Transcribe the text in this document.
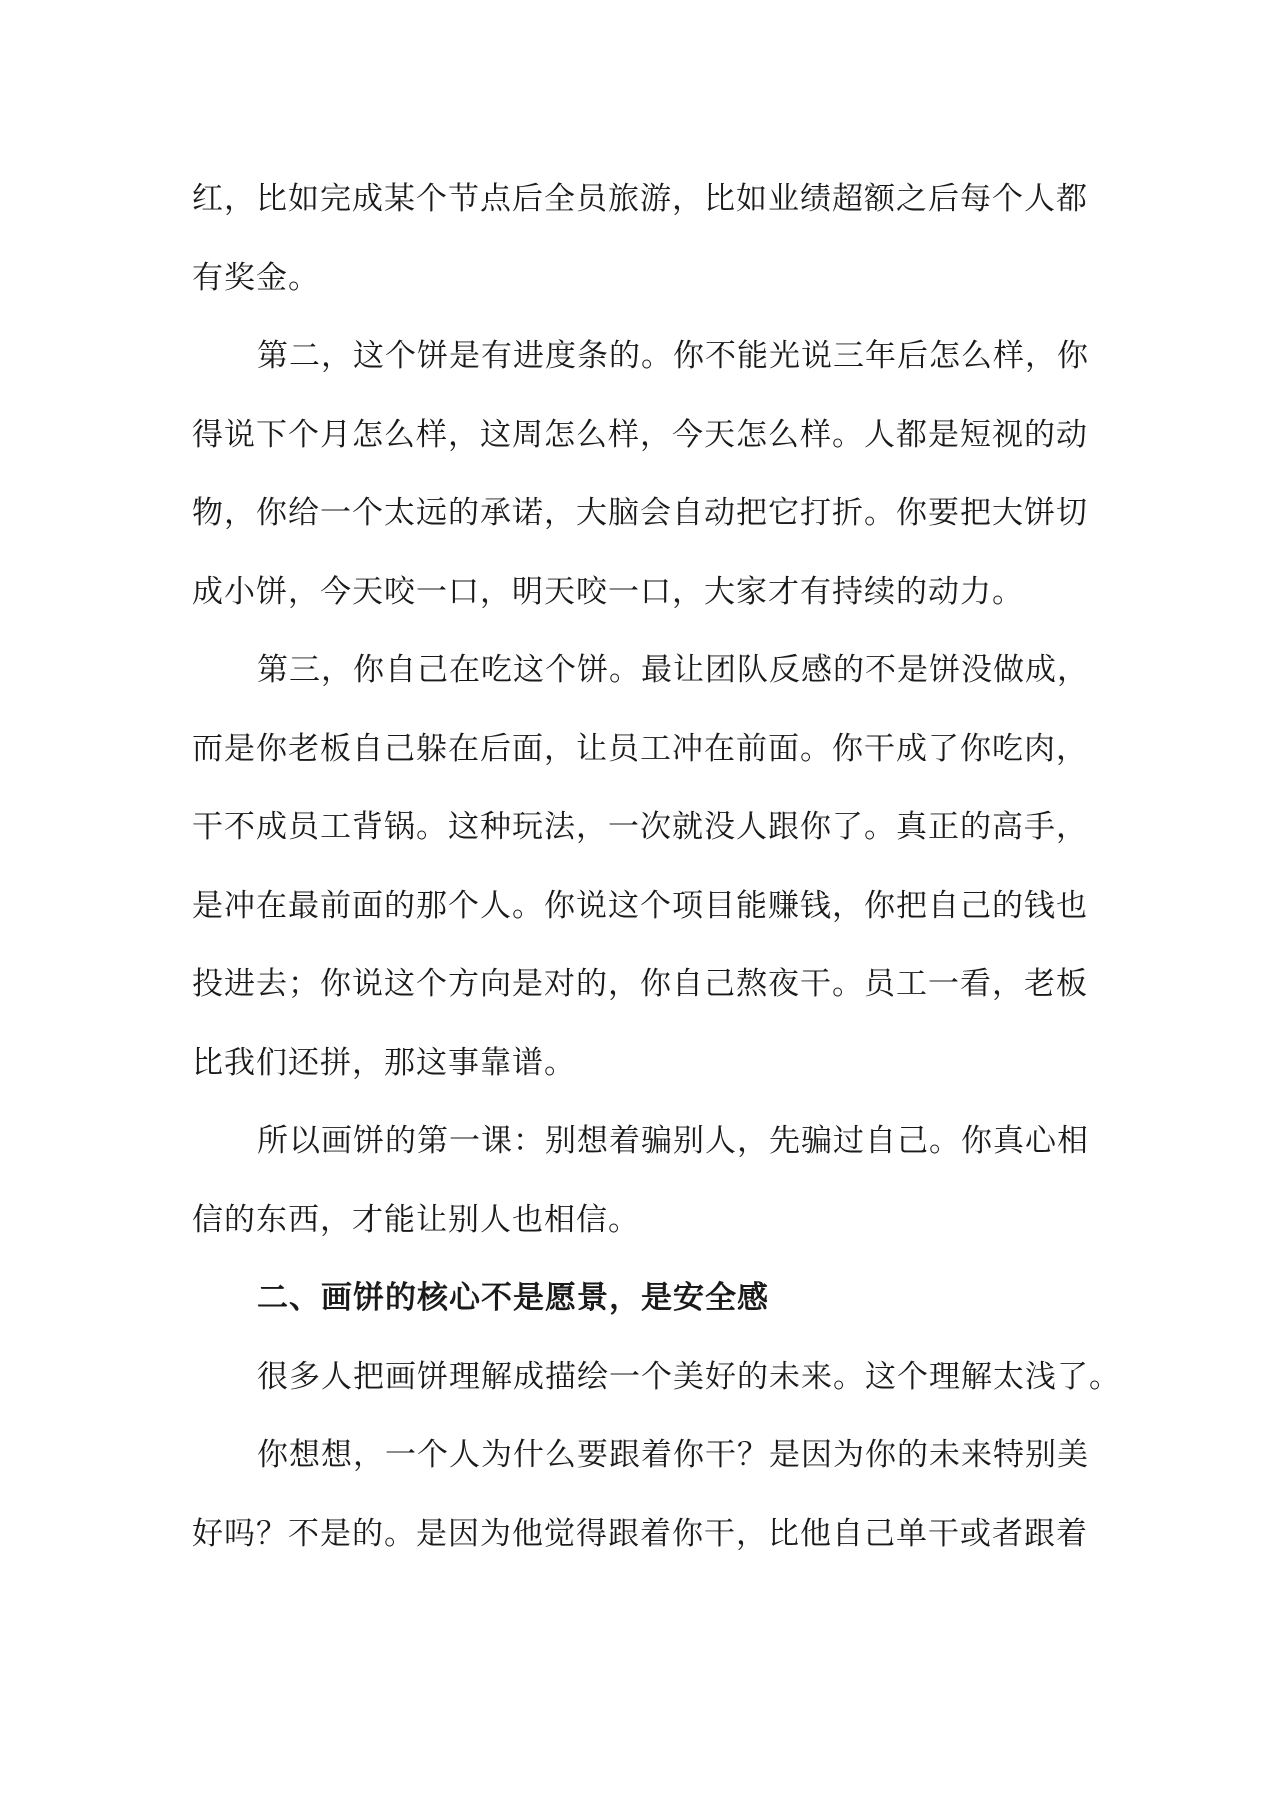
红，比如完成某个节点后全员旅游，比如业绩超额之后每个人都
有奖金。
第二，这个饼是有进度条的。你不能光说三年后怎么样，你
得说下个月怎么样，这周怎么样，今天怎么样。人都是短视的动
物，你给一个太远的承诺，大脑会自动把它打折。你要把大饼切
成小饼，今天咬一口，明天咬一口，大家才有持续的动力。
第三，你自己在吃这个饼。最让团队反感的不是饼没做成，
而是你老板自己躲在后面，让员工冲在前面。你干成了你吃肉，
干不成员工背锅。这种玩法，一次就没人跟你了。真正的高手，
是冲在最前面的那个人。你说这个项目能赚钱，你把自己的钱也
投进去；你说这个方向是对的，你自己熬夜干。员工一看，老板
比我们还拼，那这事靠谱。
所以画饼的第一课：别想着骗别人，先骗过自己。你真心相
信的东西，才能让别人也相信。
二、画饼的核心不是愿景，是安全感
很多人把画饼理解成描绘一个美好的未来。这个理解太浅了。
你想想，一个人为什么要跟着你干？是因为你的未来特别美
好吗？不是的。是因为他觉得跟着你干，比他自己单干或者跟着
